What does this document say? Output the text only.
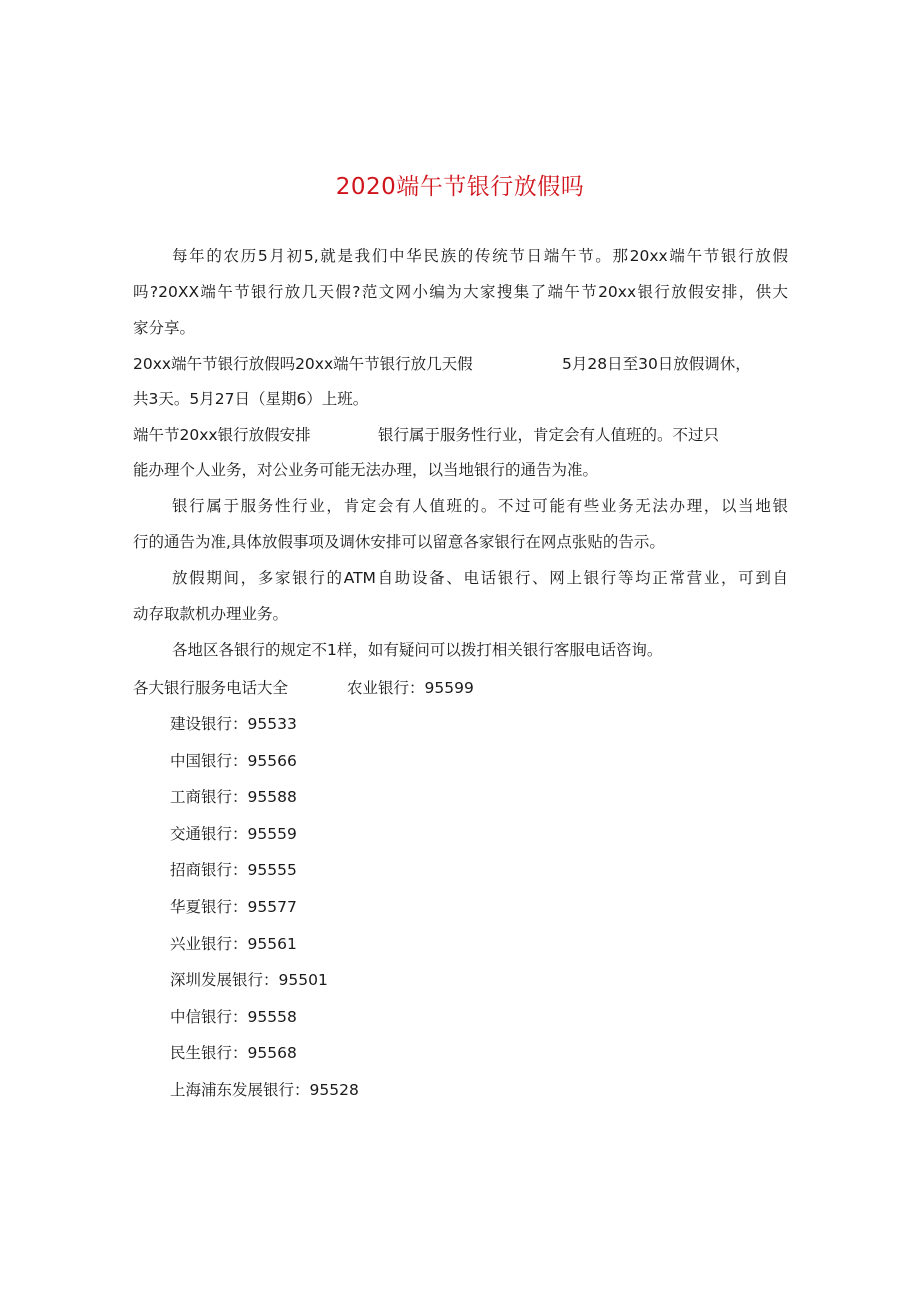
2020端午节银行放假吗
每年的农历5月初5,就是我们中华民族的传统节日端午节。那20xx端午节银行放假
吗?20XX端午节银行放几天假?范文网小编为大家搜集了端午节20xx银行放假安排，供大
家分享。
20xx端午节银行放假吗20xx端午节银行放几天假	5月28日至30日放假调休，
共3天。5月27日（星期6）上班。
端午节20xx银行放假安排	银行属于服务性行业，肯定会有人值班的。不过只
能办理个人业务，对公业务可能无法办理，以当地银行的通告为准。
银行属于服务性行业，肯定会有人值班的。不过可能有些业务无法办理，以当地银
行的通告为准,具体放假事项及调休安排可以留意各家银行在网点张贴的告示。
放假期间，多家银行的ATM自助设备、电话银行、网上银行等均正常营业，可到自
动存取款机办理业务。
各地区各银行的规定不1样，如有疑问可以拨打相关银行客服电话咨询。
各大银行服务电话大全	农业银行：95599
建设银行：95533
中国银行：95566
工商银行：95588
交通银行：95559
招商银行：95555
华夏银行：95577
兴业银行：95561
深圳发展银行：95501
中信银行：95558
民生银行：95568
上海浦东发展银行：95528
